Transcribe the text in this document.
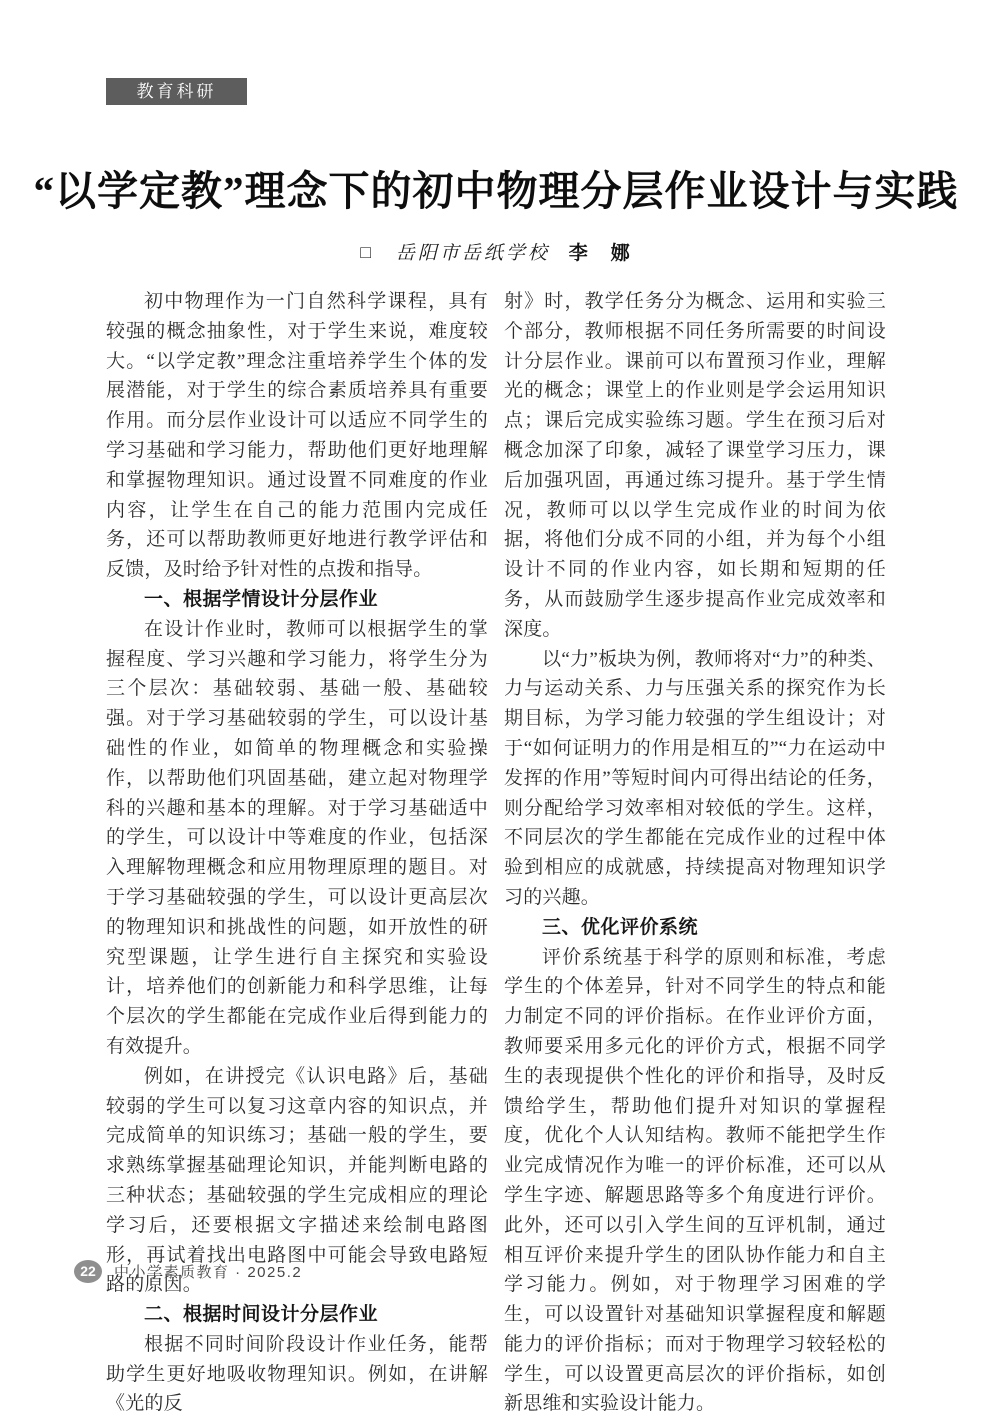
教育科研
“以学定教”理念下的初中物理分层作业设计与实践
□ 岳阳市岳纸学校 李　娜

初中物理作为一门自然科学课程，具有较强的概念抽象性，对于学生来说，难度较大。“以学定教”理念注重培养学生个体的发展潜能，对于学生的综合素质培养具有重要作用。而分层作业设计可以适应不同学生的学习基础和学习能力，帮助他们更好地理解和掌握物理知识。通过设置不同难度的作业内容，让学生在自己的能力范围内完成任务，还可以帮助教师更好地进行教学评估和反馈，及时给予针对性的点拨和指导。

一、根据学情设计分层作业

在设计作业时，教师可以根据学生的掌握程度、学习兴趣和学习能力，将学生分为三个层次：基础较弱、基础一般、基础较强。对于学习基础较弱的学生，可以设计基础性的作业，如简单的物理概念和实验操作，以帮助他们巩固基础，建立起对物理学科的兴趣和基本的理解。对于学习基础适中的学生，可以设计中等难度的作业，包括深入理解物理概念和应用物理原理的题目。对于学习基础较强的学生，可以设计更高层次的物理知识和挑战性的问题，如开放性的研究型课题，让学生进行自主探究和实验设计，培养他们的创新能力和科学思维，让每个层次的学生都能在完成作业后得到能力的有效提升。

例如，在讲授完《认识电路》后，基础较弱的学生可以复习这章内容的知识点，并完成简单的知识练习；基础一般的学生，要求熟练掌握基础理论知识，并能判断电路的三种状态；基础较强的学生完成相应的理论学习后，还要根据文字描述来绘制电路图形，再试着找出电路图中可能会导致电路短路的原因。

二、根据时间设计分层作业

根据不同时间阶段设计作业任务，能帮助学生更好地吸收物理知识。例如，在讲解《光的反

射》时，教学任务分为概念、运用和实验三个部分，教师根据不同任务所需要的时间设计分层作业。课前可以布置预习作业，理解光的概念；课堂上的作业则是学会运用知识点；课后完成实验练习题。学生在预习后对概念加深了印象，减轻了课堂学习压力，课后加强巩固，再通过练习提升。基于学生情况，教师可以以学生完成作业的时间为依据，将他们分成不同的小组，并为每个小组设计不同的作业内容，如长期和短期的任务，从而鼓励学生逐步提高作业完成效率和深度。

以“力”板块为例，教师将对“力”的种类、力与运动关系、力与压强关系的探究作为长期目标，为学习能力较强的学生组设计；对于“如何证明力的作用是相互的”“力在运动中发挥的作用”等短时间内可得出结论的任务，则分配给学习效率相对较低的学生。这样，不同层次的学生都能在完成作业的过程中体验到相应的成就感，持续提高对物理知识学习的兴趣。

三、优化评价系统

评价系统基于科学的原则和标准，考虑学生的个体差异，针对不同学生的特点和能力制定不同的评价指标。在作业评价方面，教师要采用多元化的评价方式，根据不同学生的表现提供个性化的评价和指导，及时反馈给学生，帮助他们提升对知识的掌握程度，优化个人认知结构。教师不能把学生作业完成情况作为唯一的评价标准，还可以从学生字迹、解题思路等多个角度进行评价。此外，还可以引入学生间的互评机制，通过相互评价来提升学生的团队协作能力和自主学习能力。例如，对于物理学习困难的学生，可以设置针对基础知识掌握程度和解题能力的评价指标；而对于物理学习较轻松的学生，可以设置更高层次的评价指标，如创新思维和实验设计能力。

22	中小学素质教育 · 2025.2
